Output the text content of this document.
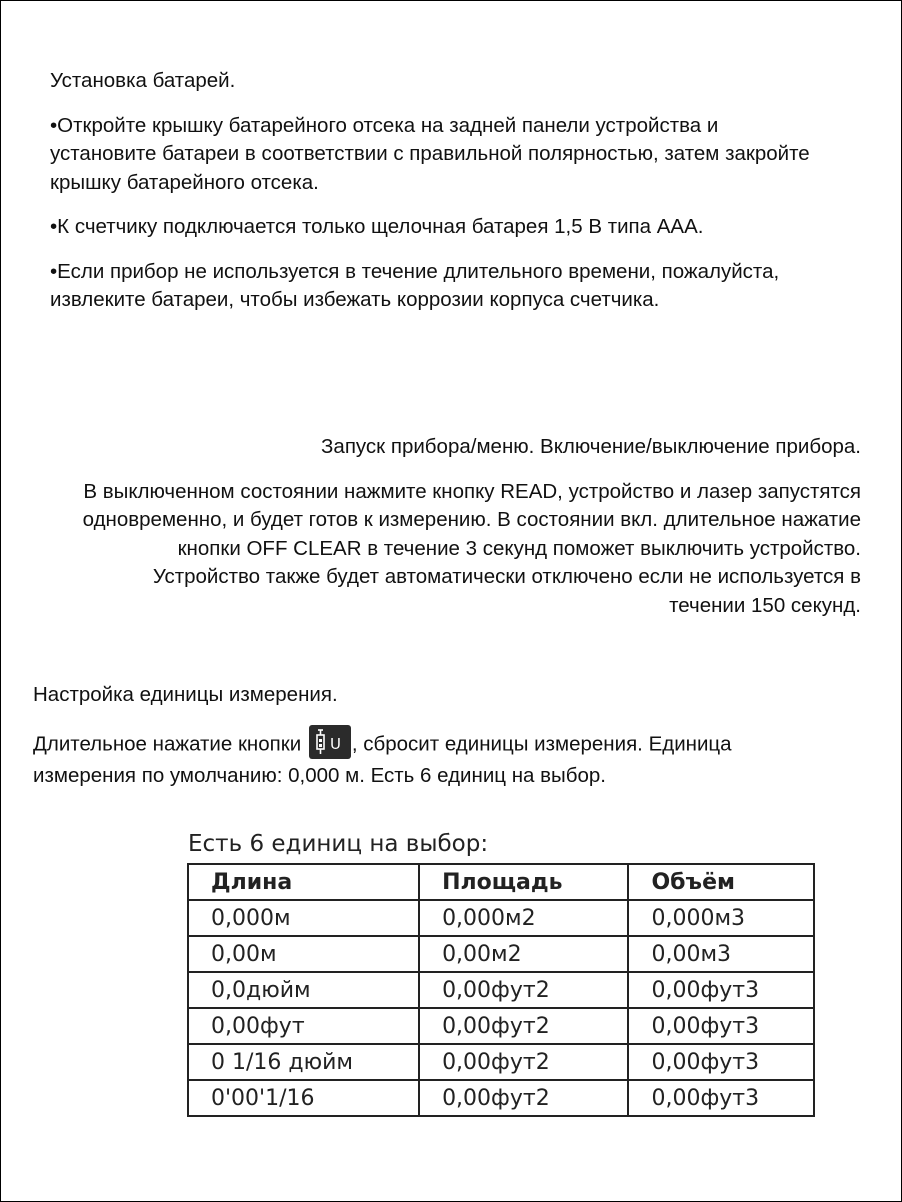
Установка батарей.

•Откройте крышку батарейного отсека на задней панели устройства и установите батареи в соответствии с правильной полярностью, затем закройте крышку батарейного отсека.

•К счетчику подключается только щелочная батарея 1,5 В типа ААА.

•Если прибор не используется в течение длительного времени, пожалуйста, извлеките батареи, чтобы избежать коррозии корпуса счетчика.

Запуск прибора/меню. Включение/выключение прибора.

В выключенном состоянии нажмите кнопку READ, устройство и лазер запустятся одновременно, и будет готов к измерению. В состоянии вкл. длительное нажатие кнопки OFF CLEAR в течение 3 секунд поможет выключить устройство. Устройство также будет автоматически отключено если не используется в течении 150 секунд.

Настройка единицы измерения.

Длительное нажатие кнопки U , сбросит единицы измерения. Единица измерения по умолчанию: 0,000 м. Есть 6 единиц на выбор.

Есть 6 единиц на выбор:
Длина	Площадь	Объём
0,000м	0,000м2	0,000м3
0,00м	0,00м2	0,00м3
0,0дюйм	0,00фут2	0,00фут3
0,00фут	0,00фут2	0,00фут3
0 1/16 дюйм	0,00фут2	0,00фут3
0'00'1/16	0,00фут2	0,00фут3
